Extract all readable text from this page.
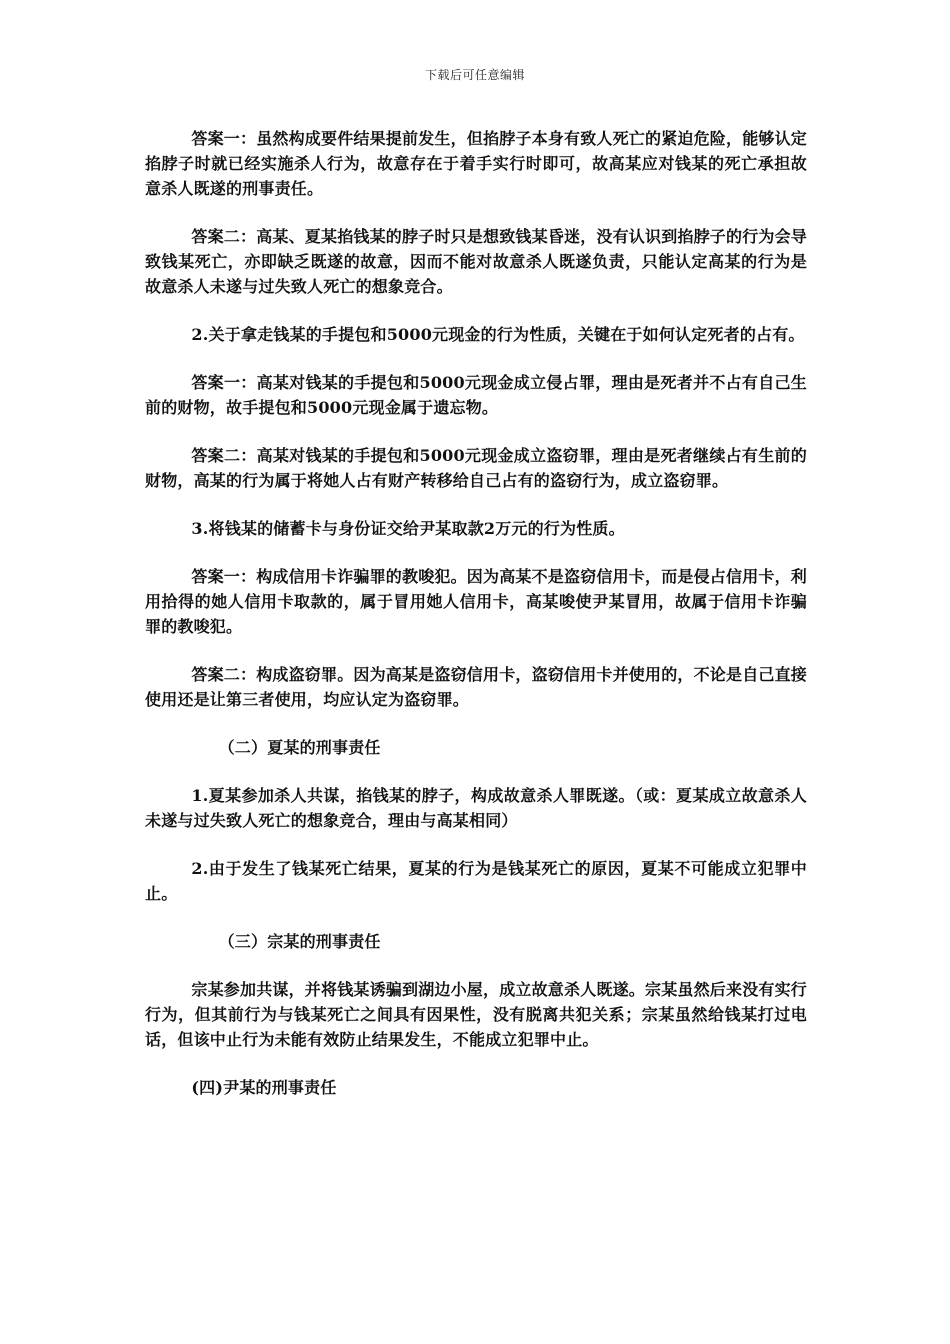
下载后可任意编辑

答案一：虽然构成要件结果提前发生，但掐脖子本身有致人死亡的紧迫危险，能够认定掐脖子时就已经实施杀人行为，故意存在于着手实行时即可，故高某应对钱某的死亡承担故意杀人既遂的刑事责任。

答案二：高某、夏某掐钱某的脖子时只是想致钱某昏迷，没有认识到掐脖子的行为会导致钱某死亡，亦即缺乏既遂的故意，因而不能对故意杀人既遂负责，只能认定高某的行为是故意杀人未遂与过失致人死亡的想象竞合。

2.关于拿走钱某的手提包和5000元现金的行为性质，关键在于如何认定死者的占有。

答案一：高某对钱某的手提包和5000元现金成立侵占罪，理由是死者并不占有自己生前的财物，故手提包和5000元现金属于遗忘物。

答案二：高某对钱某的手提包和5000元现金成立盗窃罪，理由是死者继续占有生前的财物，高某的行为属于将她人占有财产转移给自己占有的盗窃行为，成立盗窃罪。

3.将钱某的储蓄卡与身份证交给尹某取款2万元的行为性质。

答案一：构成信用卡诈骗罪的教唆犯。因为高某不是盗窃信用卡，而是侵占信用卡，利用拾得的她人信用卡取款的，属于冒用她人信用卡，高某唆使尹某冒用，故属于信用卡诈骗罪的教唆犯。

答案二：构成盗窃罪。因为高某是盗窃信用卡，盗窃信用卡并使用的，不论是自己直接使用还是让第三者使用，均应认定为盗窃罪。

（二）夏某的刑事责任

1.夏某参加杀人共谋，掐钱某的脖子，构成故意杀人罪既遂。（或：夏某成立故意杀人未遂与过失致人死亡的想象竞合，理由与高某相同）

2.由于发生了钱某死亡结果，夏某的行为是钱某死亡的原因，夏某不可能成立犯罪中止。

（三）宗某的刑事责任

宗某参加共谋，并将钱某诱骗到湖边小屋，成立故意杀人既遂。宗某虽然后来没有实行行为，但其前行为与钱某死亡之间具有因果性，没有脱离共犯关系；宗某虽然给钱某打过电话，但该中止行为未能有效防止结果发生，不能成立犯罪中止。

(四)尹某的刑事责任
